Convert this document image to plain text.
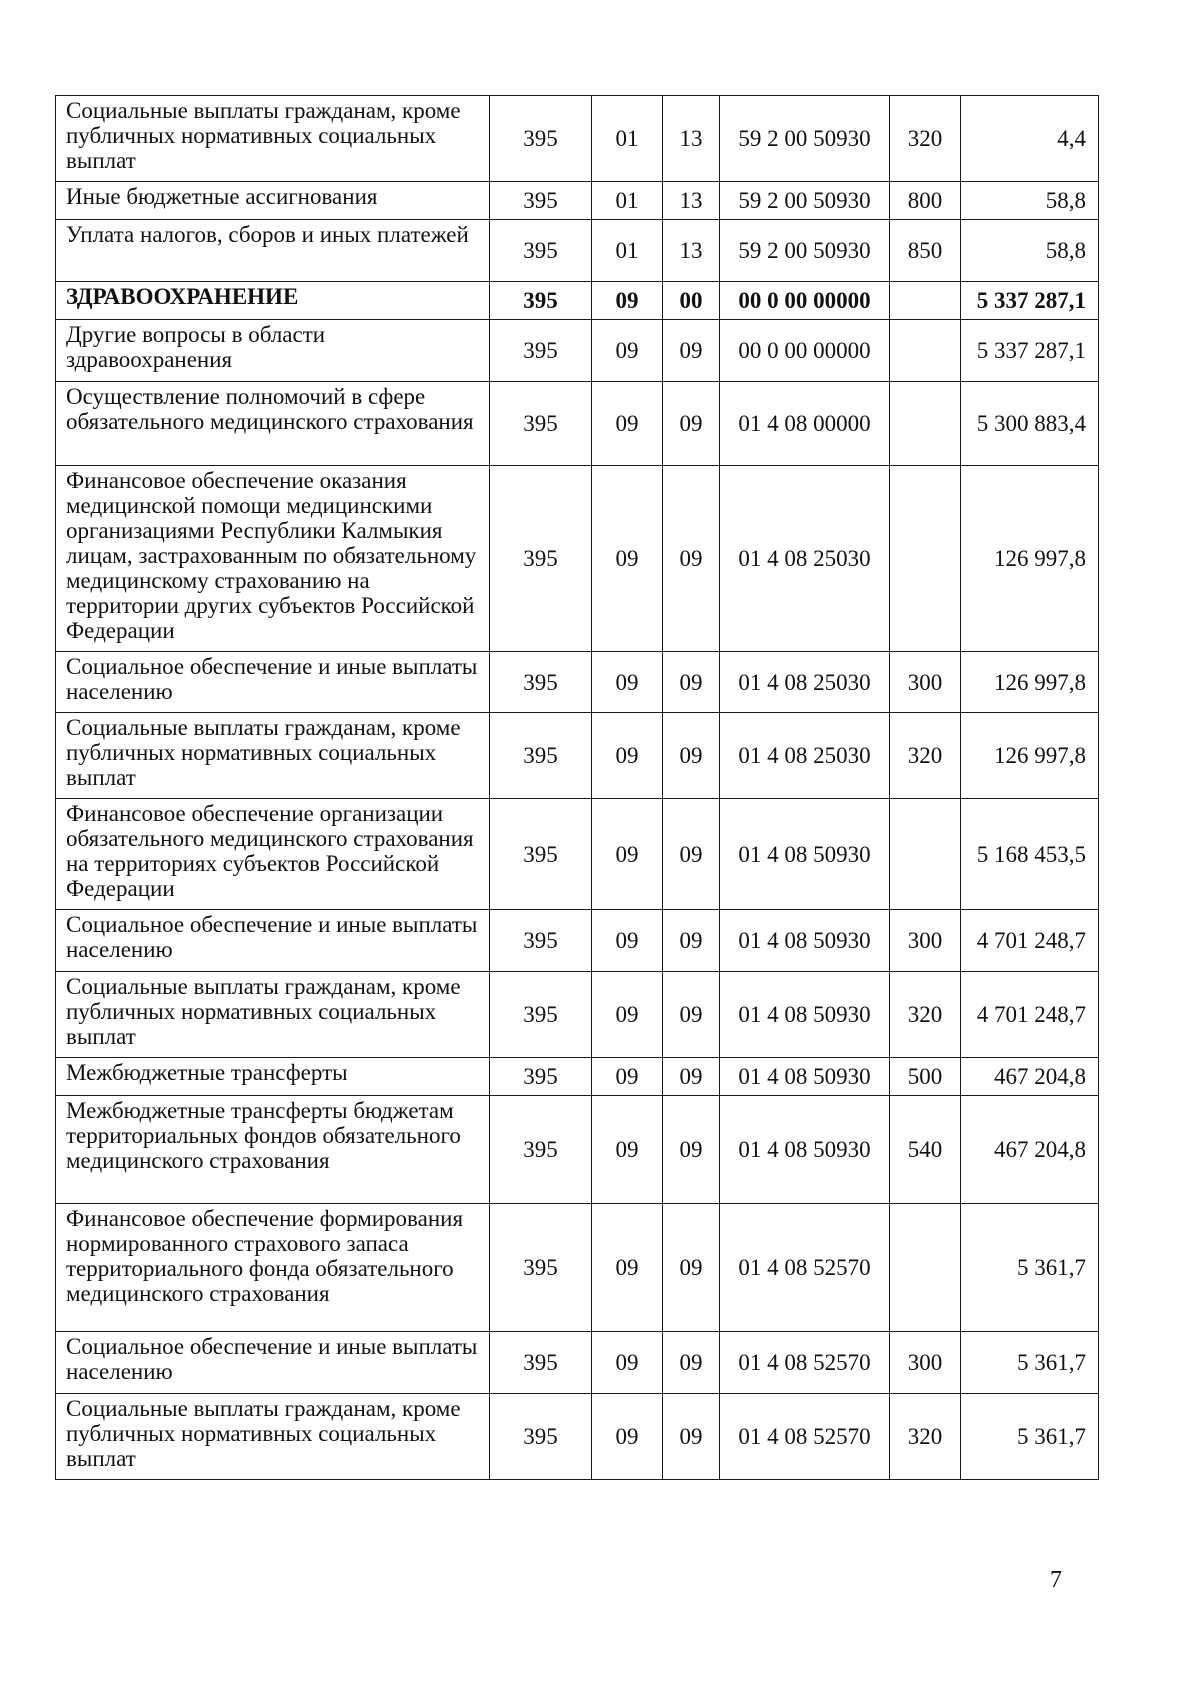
Социальные выплаты гражданам, кроме публичных нормативных социальных выплат	395	01	13	59 2 00 50930	320	4,4
Иные бюджетные ассигнования	395	01	13	59 2 00 50930	800	58,8
Уплата налогов, сборов и иных платежей	395	01	13	59 2 00 50930	850	58,8
ЗДРАВООХРАНЕНИЕ	395	09	00	00 0 00 00000		5 337 287,1
Другие вопросы в области здравоохранения	395	09	09	00 0 00 00000		5 337 287,1
Осуществление полномочий в сфере обязательного медицинского страхования	395	09	09	01 4 08 00000		5 300 883,4
Финансовое обеспечение оказания медицинской помощи медицинскими организациями Республики Калмыкия лицам, застрахованным по обязательному медицинскому страхованию на территории других субъектов Российской Федерации	395	09	09	01 4 08 25030		126 997,8
Социальное обеспечение и иные выплаты населению	395	09	09	01 4 08 25030	300	126 997,8
Социальные выплаты гражданам, кроме публичных нормативных социальных выплат	395	09	09	01 4 08 25030	320	126 997,8
Финансовое обеспечение организации обязательного медицинского страхования на территориях субъектов Российской Федерации	395	09	09	01 4 08 50930		5 168 453,5
Социальное обеспечение и иные выплаты населению	395	09	09	01 4 08 50930	300	4 701 248,7
Социальные выплаты гражданам, кроме публичных нормативных социальных выплат	395	09	09	01 4 08 50930	320	4 701 248,7
Межбюджетные трансферты	395	09	09	01 4 08 50930	500	467 204,8
Межбюджетные трансферты бюджетам территориальных фондов обязательного медицинского страхования	395	09	09	01 4 08 50930	540	467 204,8
Финансовое обеспечение формирования нормированного страхового запаса территориального фонда обязательного медицинского страхования	395	09	09	01 4 08 52570		5 361,7
Социальное обеспечение и иные выплаты населению	395	09	09	01 4 08 52570	300	5 361,7
Социальные выплаты гражданам, кроме публичных нормативных социальных выплат	395	09	09	01 4 08 52570	320	5 361,7
7
